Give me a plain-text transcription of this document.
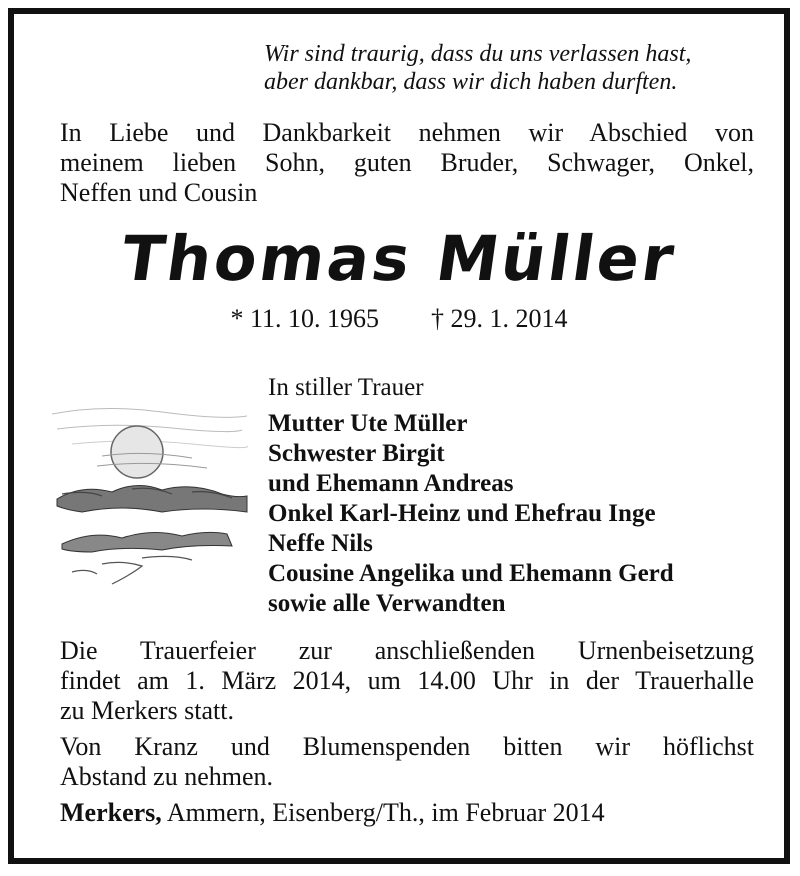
Wir sind traurig, dass du uns verlassen hast,
aber dankbar, dass wir dich haben durften.
In Liebe und Dankbarkeit nehmen wir Abschied von
meinem lieben Sohn, guten Bruder, Schwager, Onkel,
Neffen und Cousin
Thomas Müller
* 11. 10. 1965 † 29. 1. 2014
In stiller Trauer
Mutter Ute Müller
Schwester Birgit
und Ehemann Andreas
Onkel Karl-Heinz und Ehefrau Inge
Neffe Nils
Cousine Angelika und Ehemann Gerd
sowie alle Verwandten
Die Trauerfeier zur anschließenden Urnenbeisetzung
findet am 1. März 2014, um 14.00 Uhr in der Trauerhalle
zu Merkers statt.
Von Kranz und Blumenspenden bitten wir höflichst
Abstand zu nehmen.
Merkers, Ammern, Eisenberg/Th., im Februar 2014
